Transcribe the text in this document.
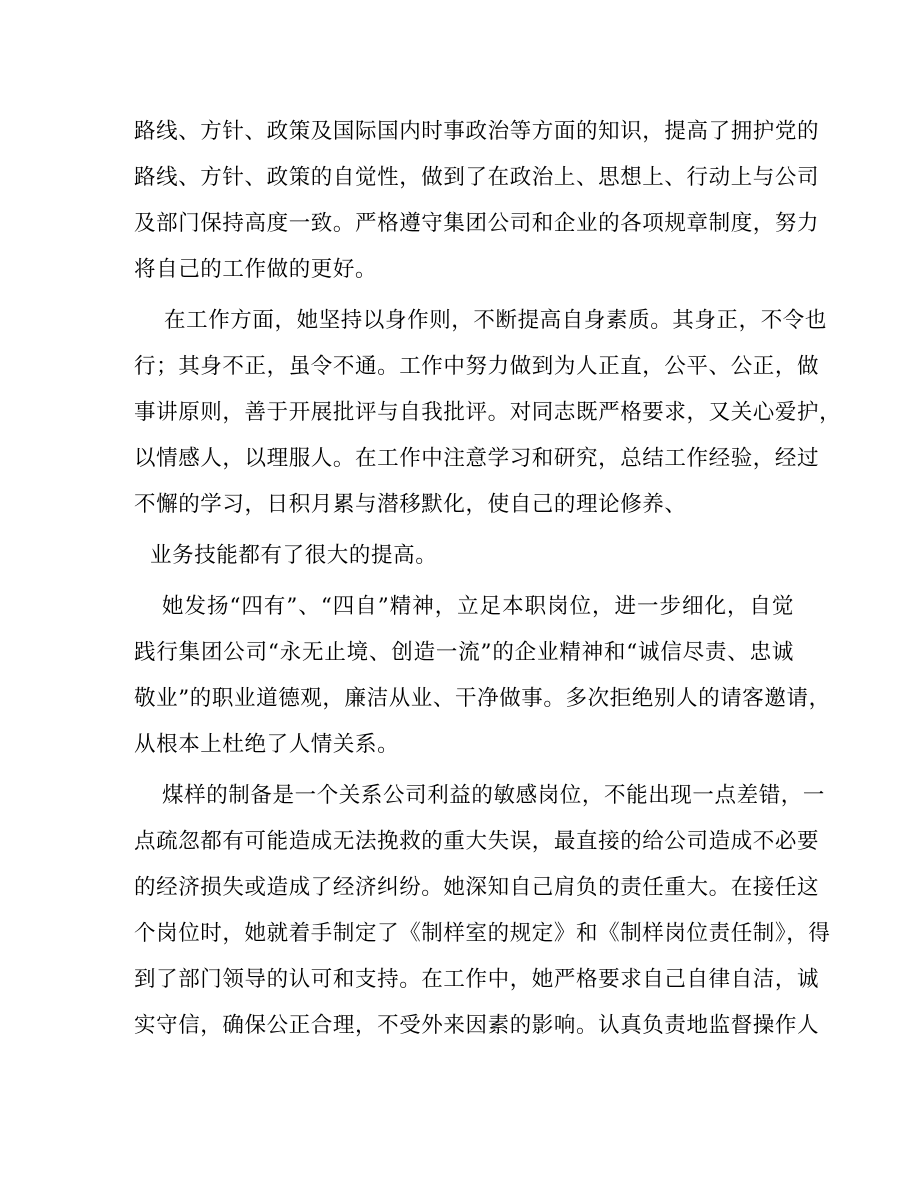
路线、方针、政策及国际国内时事政治等方面的知识，提高了拥护党的
路线、方针、政策的自觉性，做到了在政治上、思想上、行动上与公司
及部门保持高度一致。严格遵守集团公司和企业的各项规章制度，努力
将自己的工作做的更好。
在工作方面，她坚持以身作则，不断提高自身素质。其身正，不令也
行；其身不正，虽令不通。工作中努力做到为人正直，公平、公正，做
事讲原则，善于开展批评与自我批评。对同志既严格要求，又关心爱护，
以情感人，以理服人。在工作中注意学习和研究，总结工作经验，经过
不懈的学习，日积月累与潜移默化，使自己的理论修养、
业务技能都有了很大的提高。
她发扬“四有”、“四自”精神，立足本职岗位，进一步细化，自觉
践行集团公司“永无止境、创造一流”的企业精神和“诚信尽责、忠诚
敬业”的职业道德观，廉洁从业、干净做事。多次拒绝别人的请客邀请，
从根本上杜绝了人情关系。
煤样的制备是一个关系公司利益的敏感岗位，不能出现一点差错，一
点疏忽都有可能造成无法挽救的重大失误，最直接的给公司造成不必要
的经济损失或造成了经济纠纷。她深知自己肩负的责任重大。在接任这
个岗位时，她就着手制定了《制样室的规定》和《制样岗位责任制》，得
到了部门领导的认可和支持。在工作中，她严格要求自己自律自洁，诚
实守信，确保公正合理，不受外来因素的影响。认真负责地监督操作人
